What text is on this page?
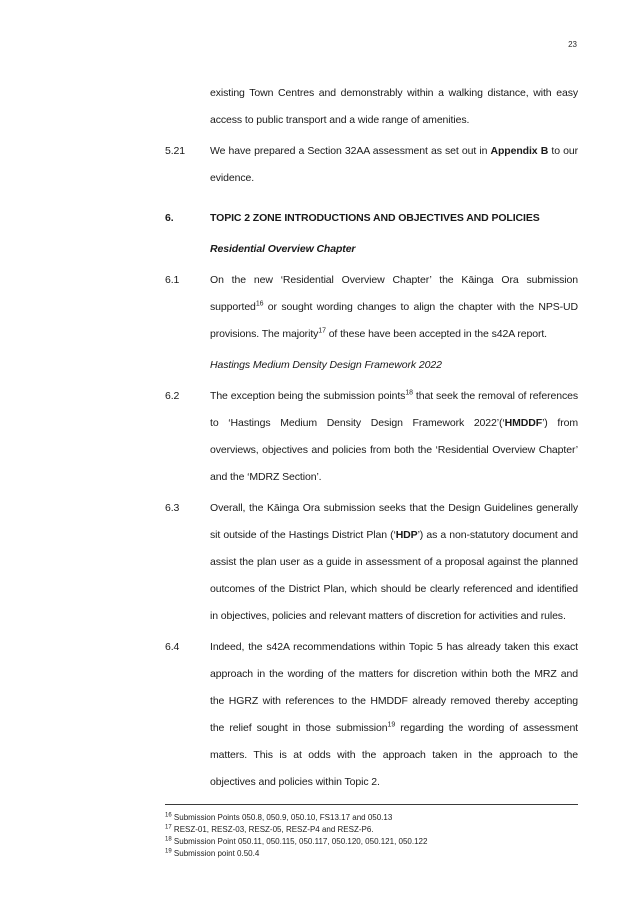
23
existing Town Centres and demonstrably within a walking distance, with easy access to public transport and a wide range of amenities.
5.21	We have prepared a Section 32AA assessment as set out in Appendix B to our evidence.
6.	TOPIC 2 ZONE INTRODUCTIONS AND OBJECTIVES AND POLICIES
Residential Overview Chapter
6.1	On the new ‘Residential Overview Chapter’ the Kāinga Ora submission supported$^{16}$ or sought wording changes to align the chapter with the NPS-UD provisions. The majority$^{17}$ of these have been accepted in the s42A report.
Hastings Medium Density Design Framework 2022
6.2	The exception being the submission points$^{18}$ that seek the removal of references to ‘Hastings Medium Density Design Framework 2022’(‘HMDDF’) from overviews, objectives and policies from both the ‘Residential Overview Chapter’ and the ‘MDRZ Section’.
6.3	Overall, the Kāinga Ora submission seeks that the Design Guidelines generally sit outside of the Hastings District Plan (‘HDP’) as a non-statutory document and assist the plan user as a guide in assessment of a proposal against the planned outcomes of the District Plan, which should be clearly referenced and identified in objectives, policies and relevant matters of discretion for activities and rules.
6.4	Indeed, the s42A recommendations within Topic 5 has already taken this exact approach in the wording of the matters for discretion within both the MRZ and the HGRZ with references to the HMDDF already removed thereby accepting the relief sought in those submission$^{19}$ regarding the wording of assessment matters. This is at odds with the approach taken in the approach to the objectives and policies within Topic 2.
$^{16}$ Submission Points 050.8, 050.9, 050.10, FS13.17 and 050.13
$^{17}$ RESZ-01, RESZ-03, RESZ-05, RESZ-P4 and RESZ-P6.
$^{18}$ Submission Point 050.11, 050.115, 050.117, 050.120, 050.121, 050.122
$^{19}$ Submission point 0.50.4
